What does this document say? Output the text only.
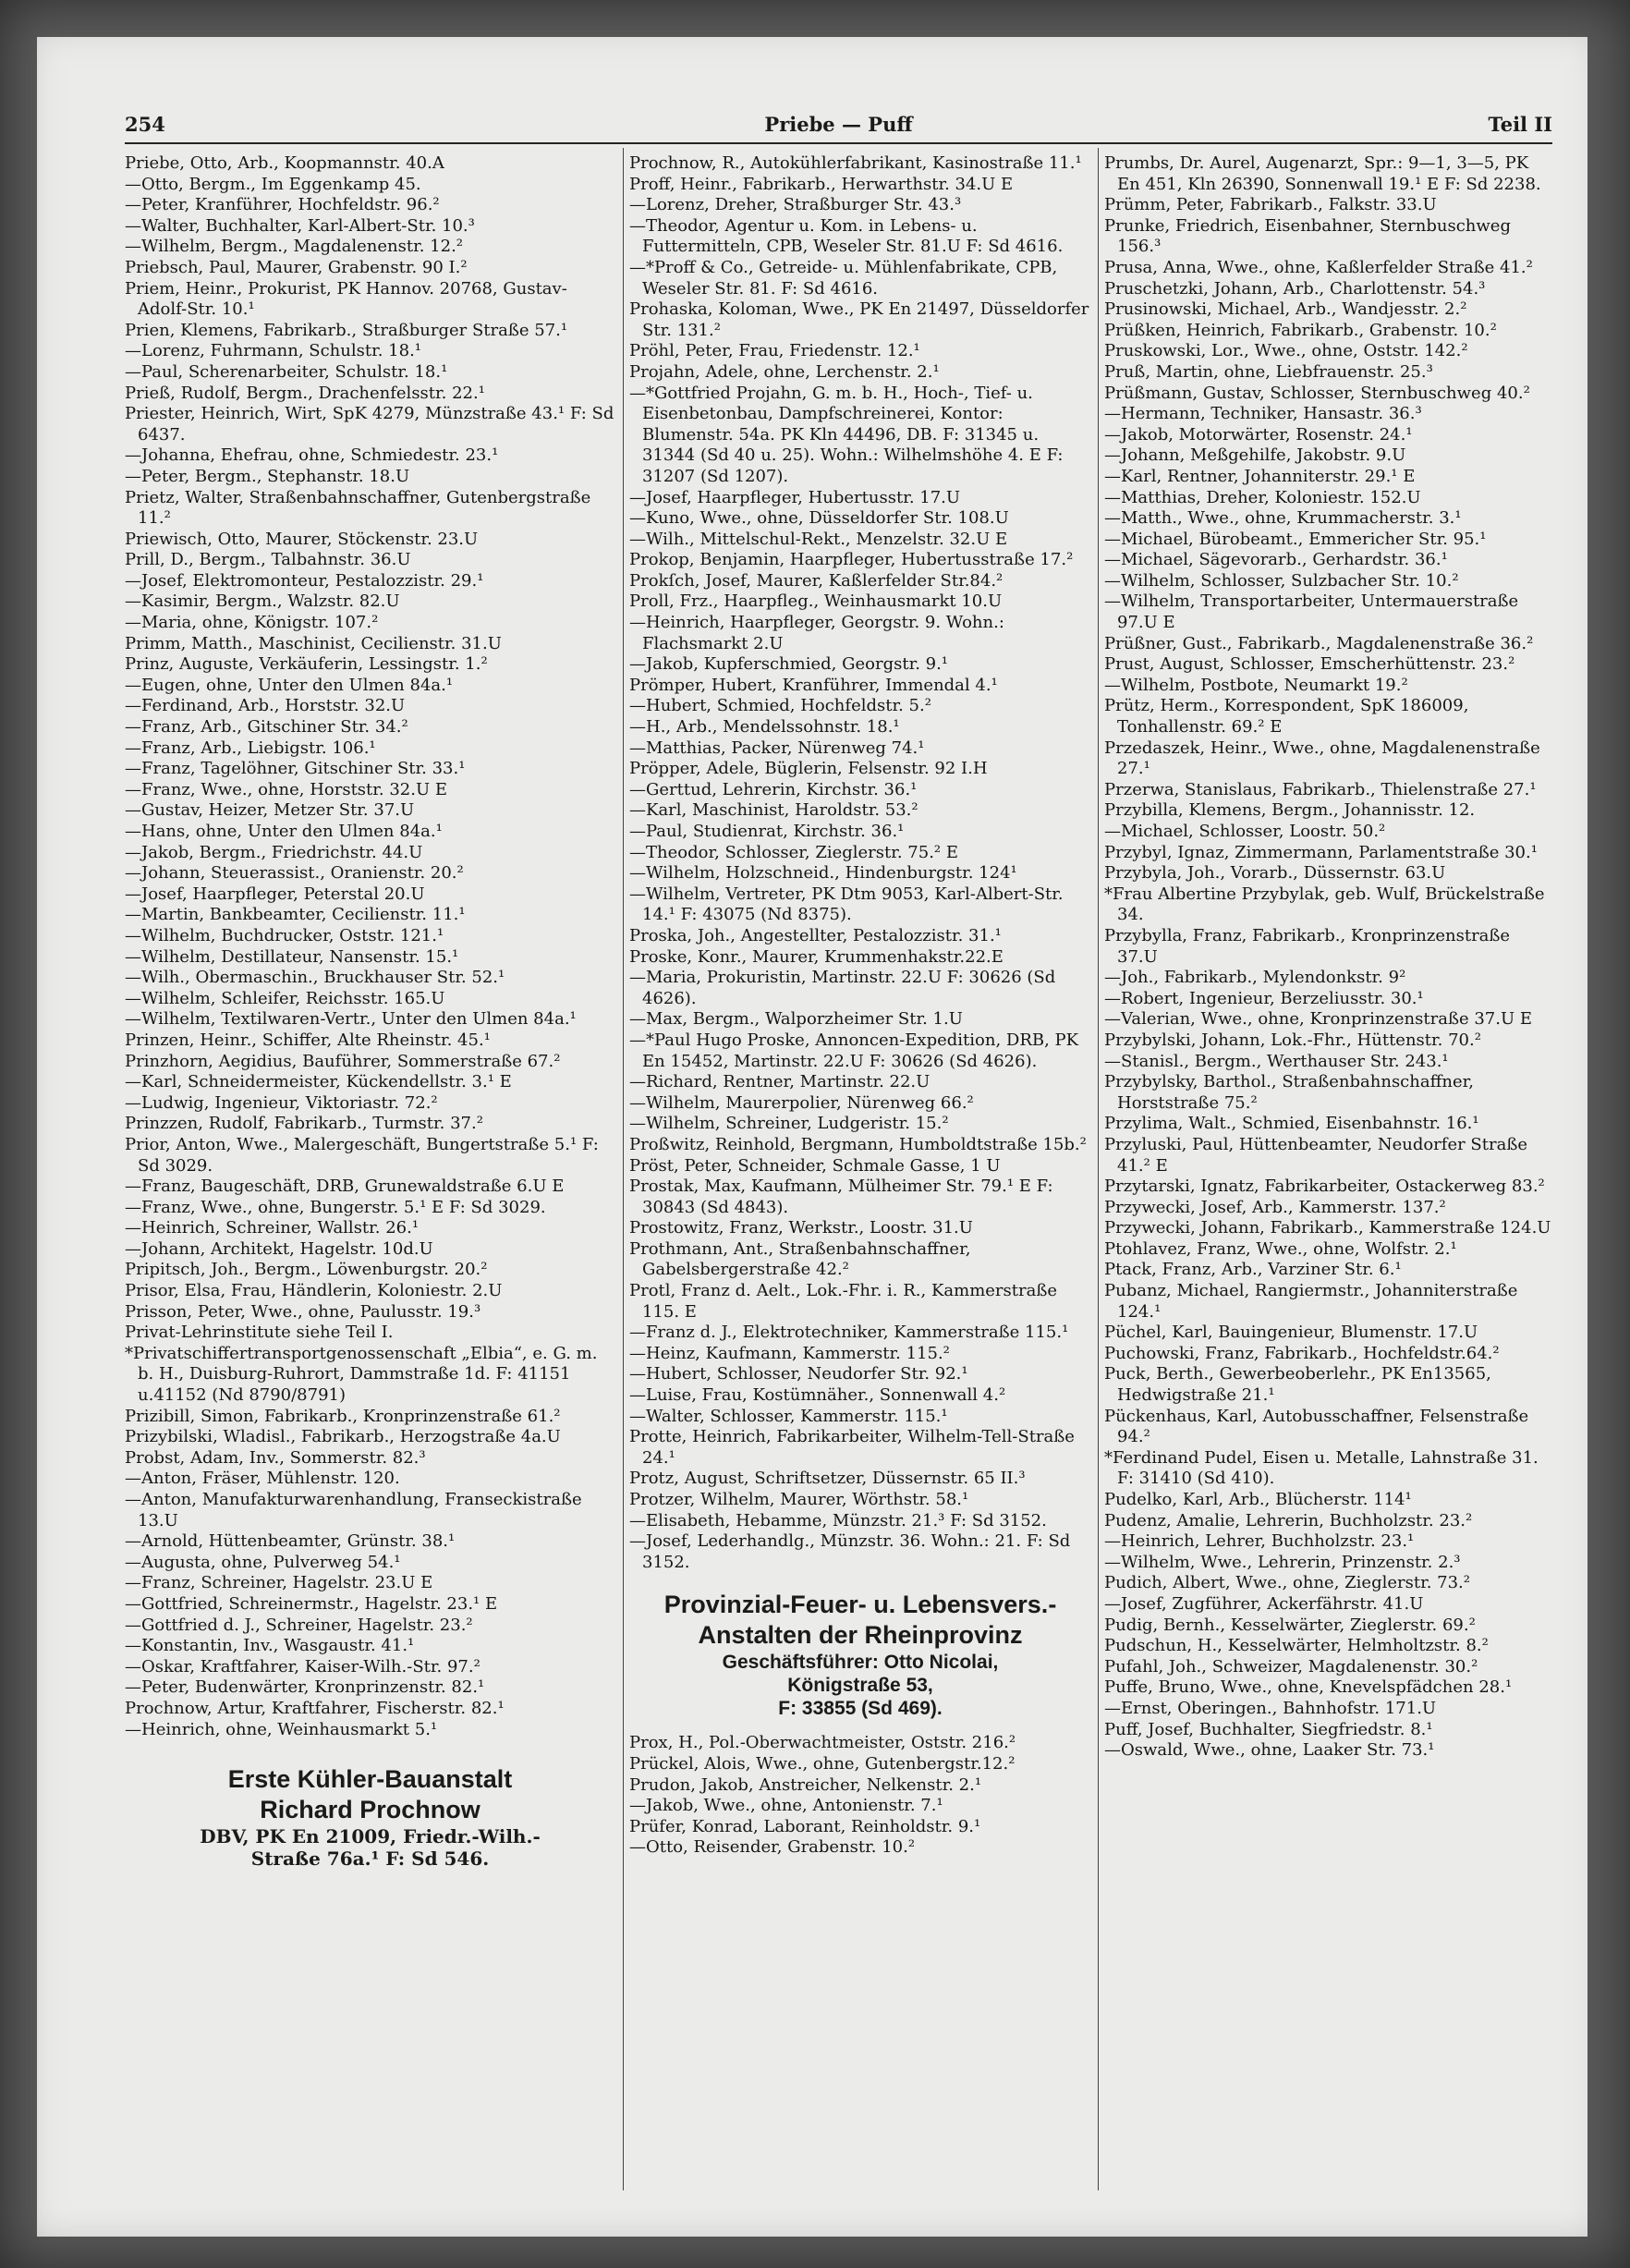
254	Priebe — Puff	Teil II
Priebe, Otto, Arb., Koopmannstr. 40.A
—Otto, Bergm., Im Eggenkamp 45.
—Peter, Kranführer, Hochfeldstr. 96.²
—Walter, Buchhalter, Karl-Albert-Str. 10.³
—Wilhelm, Bergm., Magdalenenstr. 12.²
Priebsch, Paul, Maurer, Grabenstr. 90 I.²
Priem, Heinr., Prokurist, PK Hannov. 20768, Gustav-Adolf-Str. 10.¹
Prien, Klemens, Fabrikarb., Straßburger Straße 57.¹
—Lorenz, Fuhrmann, Schulstr. 18.¹
—Paul, Scherenarbeiter, Schulstr. 18.¹
Prieß, Rudolf, Bergm., Drachenfelsstr. 22.¹
Priester, Heinrich, Wirt, SpK 4279, Münzstraße 43.¹ F: Sd 6437.
—Johanna, Ehefrau, ohne, Schmiedestr. 23.¹
—Peter, Bergm., Stephanstr. 18.U
Prietz, Walter, Straßenbahnschaffner, Gutenbergstraße 11.²
Priewisch, Otto, Maurer, Stöckenstr. 23.U
Prill, D., Bergm., Talbahnstr. 36.U
—Josef, Elektromonteur, Pestalozzistr. 29.¹
—Kasimir, Bergm., Walzstr. 82.U
—Maria, ohne, Königstr. 107.²
Primm, Matth., Maschinist, Cecilienstr. 31.U
Prinz, Auguste, Verkäuferin, Lessingstr. 1.²
—Eugen, ohne, Unter den Ulmen 84a.¹
—Ferdinand, Arb., Horststr. 32.U
—Franz, Arb., Gitschiner Str. 34.²
—Franz, Arb., Liebigstr. 106.¹
—Franz, Tagelöhner, Gitschiner Str. 33.¹
—Franz, Wwe., ohne, Horststr. 32.U E
—Gustav, Heizer, Metzer Str. 37.U
—Hans, ohne, Unter den Ulmen 84a.¹
—Jakob, Bergm., Friedrichstr. 44.U
—Johann, Steuerassist., Oranienstr. 20.²
—Josef, Haarpfleger, Peterstal 20.U
—Martin, Bankbeamter, Cecilienstr. 11.¹
—Wilhelm, Buchdrucker, Oststr. 121.¹
—Wilhelm, Destillateur, Nansenstr. 15.¹
—Wilh., Obermaschin., Bruckhauser Str. 52.¹
—Wilhelm, Schleifer, Reichsstr. 165.U
—Wilhelm, Textilwaren-Vertr., Unter den Ulmen 84a.¹
Prinzen, Heinr., Schiffer, Alte Rheinstr. 45.¹
Prinzhorn, Aegidius, Bauführer, Sommerstraße 67.²
—Karl, Schneidermeister, Kückendellstr. 3.¹ E
—Ludwig, Ingenieur, Viktoriastr. 72.²
Prinzzen, Rudolf, Fabrikarb., Turmstr. 37.²
Prior, Anton, Wwe., Malergeschäft, Bungertstraße 5.¹ F: Sd 3029.
—Franz, Baugeschäft, DRB, Grunewaldstraße 6.U E
—Franz, Wwe., ohne, Bungerstr. 5.¹ E F: Sd 3029.
—Heinrich, Schreiner, Wallstr. 26.¹
—Johann, Architekt, Hagelstr. 10d.U
Pripitsch, Joh., Bergm., Löwenburgstr. 20.²
Prisor, Elsa, Frau, Händlerin, Koloniestr. 2.U
Prisson, Peter, Wwe., ohne, Paulusstr. 19.³
Privat-Lehrinstitute siehe Teil I.
*Privatschiffertransportgenossenschaft „Elbia“, e. G. m. b. H., Duisburg-Ruhrort, Dammstraße 1d. F: 41151 u.41152 (Nd 8790/8791)
Prizibill, Simon, Fabrikarb., Kronprinzenstraße 61.²
Prizybilski, Wladisl., Fabrikarb., Herzogstraße 4a.U
Probst, Adam, Inv., Sommerstr. 82.³
—Anton, Fräser, Mühlenstr. 120.
—Anton, Manufakturwarenhandlung, Franseckistraße 13.U
—Arnold, Hüttenbeamter, Grünstr. 38.¹
—Augusta, ohne, Pulverweg 54.¹
—Franz, Schreiner, Hagelstr. 23.U E
—Gottfried, Schreinermstr., Hagelstr. 23.¹ E
—Gottfried d. J., Schreiner, Hagelstr. 23.²
—Konstantin, Inv., Wasgaustr. 41.¹
—Oskar, Kraftfahrer, Kaiser-Wilh.-Str. 97.²
—Peter, Budenwärter, Kronprinzenstr. 82.¹
Prochnow, Artur, Kraftfahrer, Fischerstr. 82.¹
—Heinrich, ohne, Weinhausmarkt 5.¹
Erste Kühler-Bauanstalt
Richard Prochnow
DBV, PK En 21009, Friedr.-Wilh.-
Straße 76a.¹ F: Sd 546.
Prochnow, R., Autokühlerfabrikant, Kasinostraße 11.¹
Proff, Heinr., Fabrikarb., Herwarthstr. 34.U E
—Lorenz, Dreher, Straßburger Str. 43.³
—Theodor, Agentur u. Kom. in Lebens- u. Futtermitteln, CPB, Weseler Str. 81.U F: Sd 4616.
—*Proff & Co., Getreide- u. Mühlenfabrikate, CPB, Weseler Str. 81. F: Sd 4616.
Prohaska, Koloman, Wwe., PK En 21497, Düsseldorfer Str. 131.²
Pröhl, Peter, Frau, Friedenstr. 12.¹
Projahn, Adele, ohne, Lerchenstr. 2.¹
—*Gottfried Projahn, G. m. b. H., Hoch-, Tief- u. Eisenbetonbau, Dampfschreinerei, Kontor: Blumenstr. 54a. PK Kln 44496, DB. F: 31345 u. 31344 (Sd 40 u. 25). Wohn.: Wilhelmshöhe 4. E F: 31207 (Sd 1207).
—Josef, Haarpfleger, Hubertusstr. 17.U
—Kuno, Wwe., ohne, Düsseldorfer Str. 108.U
—Wilh., Mittelschul-Rekt., Menzelstr. 32.U E
Prokop, Benjamin, Haarpfleger, Hubertusstraße 17.²
Prokſch, Josef, Maurer, Kaßlerfelder Str.84.²
Proll, Frz., Haarpfleg., Weinhausmarkt 10.U
—Heinrich, Haarpfleger, Georgstr. 9. Wohn.: Flachsmarkt 2.U
—Jakob, Kupferschmied, Georgstr. 9.¹
Prömper, Hubert, Kranführer, Immendal 4.¹
—Hubert, Schmied, Hochfeldstr. 5.²
—H., Arb., Mendelssohnstr. 18.¹
—Matthias, Packer, Nürenweg 74.¹
Pröpper, Adele, Büglerin, Felsenstr. 92 I.H
—Gerttud, Lehrerin, Kirchstr. 36.¹
—Karl, Maschinist, Haroldstr. 53.²
—Paul, Studienrat, Kirchstr. 36.¹
—Theodor, Schlosser, Zieglerstr. 75.² E
—Wilhelm, Holzschneid., Hindenburgstr. 124¹
—Wilhelm, Vertreter, PK Dtm 9053, Karl-Albert-Str. 14.¹ F: 43075 (Nd 8375).
Proska, Joh., Angestellter, Pestalozzistr. 31.¹
Proske, Konr., Maurer, Krummenhakstr.22.E
—Maria, Prokuristin, Martinstr. 22.U F: 30626 (Sd 4626).
—Max, Bergm., Walporzheimer Str. 1.U
—*Paul Hugo Proske, Annoncen-Expedition, DRB, PK En 15452, Martinstr. 22.U F: 30626 (Sd 4626).
—Richard, Rentner, Martinstr. 22.U
—Wilhelm, Maurerpolier, Nürenweg 66.²
—Wilhelm, Schreiner, Ludgeristr. 15.²
Proßwitz, Reinhold, Bergmann, Humboldtstraße 15b.²
Pröst, Peter, Schneider, Schmale Gasse, 1 U
Prostak, Max, Kaufmann, Mülheimer Str. 79.¹ E F: 30843 (Sd 4843).
Prostowitz, Franz, Werkstr., Loostr. 31.U
Prothmann, Ant., Straßenbahnschaffner, Gabelsbergerstraße 42.²
Protl, Franz d. Aelt., Lok.-Fhr. i. R., Kammerstraße 115. E
—Franz d. J., Elektrotechniker, Kammerstraße 115.¹
—Heinz, Kaufmann, Kammerstr. 115.²
—Hubert, Schlosser, Neudorfer Str. 92.¹
—Luise, Frau, Kostümnäher., Sonnenwall 4.²
—Walter, Schlosser, Kammerstr. 115.¹
Protte, Heinrich, Fabrikarbeiter, Wilhelm-Tell-Straße 24.¹
Protz, August, Schriftsetzer, Düssernstr. 65 II.³
Protzer, Wilhelm, Maurer, Wörthstr. 58.¹
—Elisabeth, Hebamme, Münzstr. 21.³ F: Sd 3152.
—Josef, Lederhandlg., Münzstr. 36. Wohn.: 21. F: Sd 3152.
Provinzial-Feuer- u. Lebensvers.-
Anstalten der Rheinprovinz
Geschäftsführer: Otto Nicolai,
Königstraße 53,
F: 33855 (Sd 469).
Prox, H., Pol.-Oberwachtmeister, Oststr. 216.²
Prückel, Alois, Wwe., ohne, Gutenbergstr.12.²
Prudon, Jakob, Anstreicher, Nelkenstr. 2.¹
—Jakob, Wwe., ohne, Antonienstr. 7.¹
Prüfer, Konrad, Laborant, Reinholdstr. 9.¹
—Otto, Reisender, Grabenstr. 10.²
Prumbs, Dr. Aurel, Augenarzt, Spr.: 9—1, 3—5, PK En 451, Kln 26390, Sonnenwall 19.¹ E F: Sd 2238.
Prümm, Peter, Fabrikarb., Falkstr. 33.U
Prunke, Friedrich, Eisenbahner, Sternbuschweg 156.³
Prusa, Anna, Wwe., ohne, Kaßlerfelder Straße 41.²
Pruschetzki, Johann, Arb., Charlottenstr. 54.³
Prusinowski, Michael, Arb., Wandjesstr. 2.²
Prüßken, Heinrich, Fabrikarb., Grabenstr. 10.²
Pruskowski, Lor., Wwe., ohne, Oststr. 142.²
Pruß, Martin, ohne, Liebfrauenstr. 25.³
Prüßmann, Gustav, Schlosser, Sternbuschweg 40.²
—Hermann, Techniker, Hansastr. 36.³
—Jakob, Motorwärter, Rosenstr. 24.¹
—Johann, Meßgehilfe, Jakobstr. 9.U
—Karl, Rentner, Johanniterstr. 29.¹ E
—Matthias, Dreher, Koloniestr. 152.U
—Matth., Wwe., ohne, Krummacherstr. 3.¹
—Michael, Bürobeamt., Emmericher Str. 95.¹
—Michael, Sägevorarb., Gerhardstr. 36.¹
—Wilhelm, Schlosser, Sulzbacher Str. 10.²
—Wilhelm, Transportarbeiter, Untermauerstraße 97.U E
Prüßner, Gust., Fabrikarb., Magdalenenstraße 36.²
Prust, August, Schlosser, Emscherhüttenstr. 23.²
—Wilhelm, Postbote, Neumarkt 19.²
Prütz, Herm., Korrespondent, SpK 186009, Tonhallenstr. 69.² E
Przedaszek, Heinr., Wwe., ohne, Magdalenenstraße 27.¹
Przerwa, Stanislaus, Fabrikarb., Thielenstraße 27.¹
Przybilla, Klemens, Bergm., Johannisstr. 12.
—Michael, Schlosser, Loostr. 50.²
Przybyl, Ignaz, Zimmermann, Parlamentstraße 30.¹
Przybyla, Joh., Vorarb., Düssernstr. 63.U
*Frau Albertine Przybylak, geb. Wulf, Brückelstraße 34.
Przybylla, Franz, Fabrikarb., Kronprinzenstraße 37.U
—Joh., Fabrikarb., Mylendonkstr. 9²
—Robert, Ingenieur, Berzeliusstr. 30.¹
—Valerian, Wwe., ohne, Kronprinzenstraße 37.U E
Przybylski, Johann, Lok.-Fhr., Hüttenstr. 70.²
—Stanisl., Bergm., Werthauser Str. 243.¹
Przybylsky, Barthol., Straßenbahnschaffner, Horststraße 75.²
Przylima, Walt., Schmied, Eisenbahnstr. 16.¹
Przyluski, Paul, Hüttenbeamter, Neudorfer Straße 41.² E
Przytarski, Ignatz, Fabrikarbeiter, Ostackerweg 83.²
Przywecki, Josef, Arb., Kammerstr. 137.²
Przywecki, Johann, Fabrikarb., Kammerstraße 124.U
Ptohlavez, Franz, Wwe., ohne, Wolfstr. 2.¹
Ptack, Franz, Arb., Varziner Str. 6.¹
Pubanz, Michael, Rangiermstr., Johanniterstraße 124.¹
Püchel, Karl, Bauingenieur, Blumenstr. 17.U
Puchowski, Franz, Fabrikarb., Hochfeldstr.64.²
Puck, Berth., Gewerbeoberlehr., PK En13565, Hedwigstraße 21.¹
Pückenhaus, Karl, Autobusschaffner, Felsenstraße 94.²
*Ferdinand Pudel, Eisen u. Metalle, Lahnstraße 31. F: 31410 (Sd 410).
Pudelko, Karl, Arb., Blücherstr. 114¹
Pudenz, Amalie, Lehrerin, Buchholzstr. 23.²
—Heinrich, Lehrer, Buchholzstr. 23.¹
—Wilhelm, Wwe., Lehrerin, Prinzenstr. 2.³
Pudich, Albert, Wwe., ohne, Zieglerstr. 73.²
—Josef, Zugführer, Ackerfährstr. 41.U
Pudig, Bernh., Kesselwärter, Zieglerstr. 69.²
Pudschun, H., Kesselwärter, Helmholtzstr. 8.²
Pufahl, Joh., Schweizer, Magdalenenstr. 30.²
Puffe, Bruno, Wwe., ohne, Knevelspfädchen 28.¹
—Ernst, Oberingen., Bahnhofstr. 171.U
Puff, Josef, Buchhalter, Siegfriedstr. 8.¹
—Oswald, Wwe., ohne, Laaker Str. 73.¹
